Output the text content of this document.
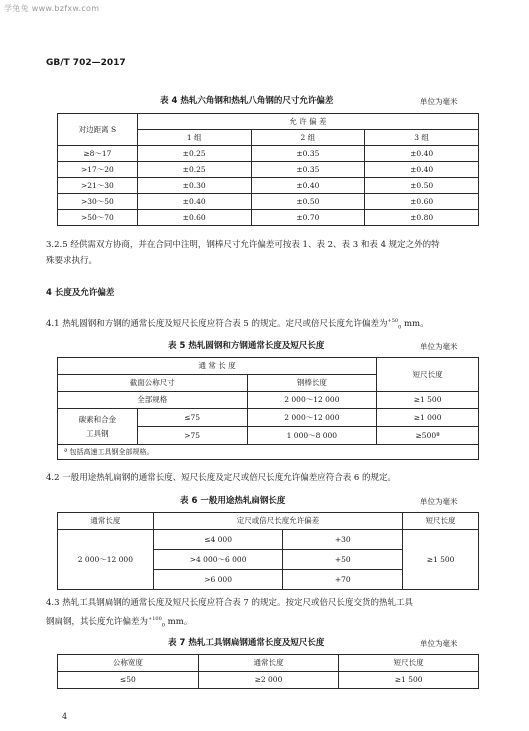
学兔兔 www.bzfxw.com
GB/T 702—2017
表 4 热轧六角钢和热轧八角钢的尺寸允许偏差	单位为毫米
对边距离 S	允 许 偏 差		
	1 组	2 组	3 组
≥8～17	±0.25	±0.35	±0.40
>17～20	±0.25	±0.35	±0.40
>21～30	±0.30	±0.40	±0.50
>30～50	±0.40	±0.50	±0.60
>50～70	±0.60	±0.70	±0.80
3.2.5 经供需双方协商，并在合同中注明，钢棒尺寸允许偏差可按表 1、表 2、表 3 和表 4 规定之外的特
殊要求执行。
4 长度及允许偏差
4.1 热轧圆钢和方钢的通常长度及短尺长度应符合表 5 的规定。定尺或倍尺长度允许偏差为$^{+50}_0$ mm。
表 5 热轧圆钢和方钢通常长度及短尺长度	单位为毫米
通 常 长 度			短尺长度
截面公称尺寸		钢棒长度	
全部规格		2 000～12 000	≥1 500
碳素和合金
工具钢	≤75	2 000～12 000	≥1 000
	>75	1 000～8 000	≥500ª
ª 包括高速工具钢全部规格。			
4.2 一般用途热轧扁钢的通常长度、短尺长度及定尺或倍尺长度允许偏差应符合表 6 的规定。
表 6 一般用途热轧扁钢长度	单位为毫米
通常长度	定尺或倍尺长度允许偏差		短尺长度
2 000～12 000	≤4 000	+30	≥1 500
	>4 000～6 000	+50	
	>6 000	+70	
4.3 热轧工具钢扁钢的通常长度及短尺长度应符合表 7 的规定。按定尺或倍尺长度交货的热轧工具
钢扁钢，其长度允许偏差为$^{+100}_0$ mm。
表 7 热轧工具钢扁钢通常长度及短尺长度	单位为毫米
公称宽度	通常长度	短尺长度
≤50	≥2 000	≥1 500
4
